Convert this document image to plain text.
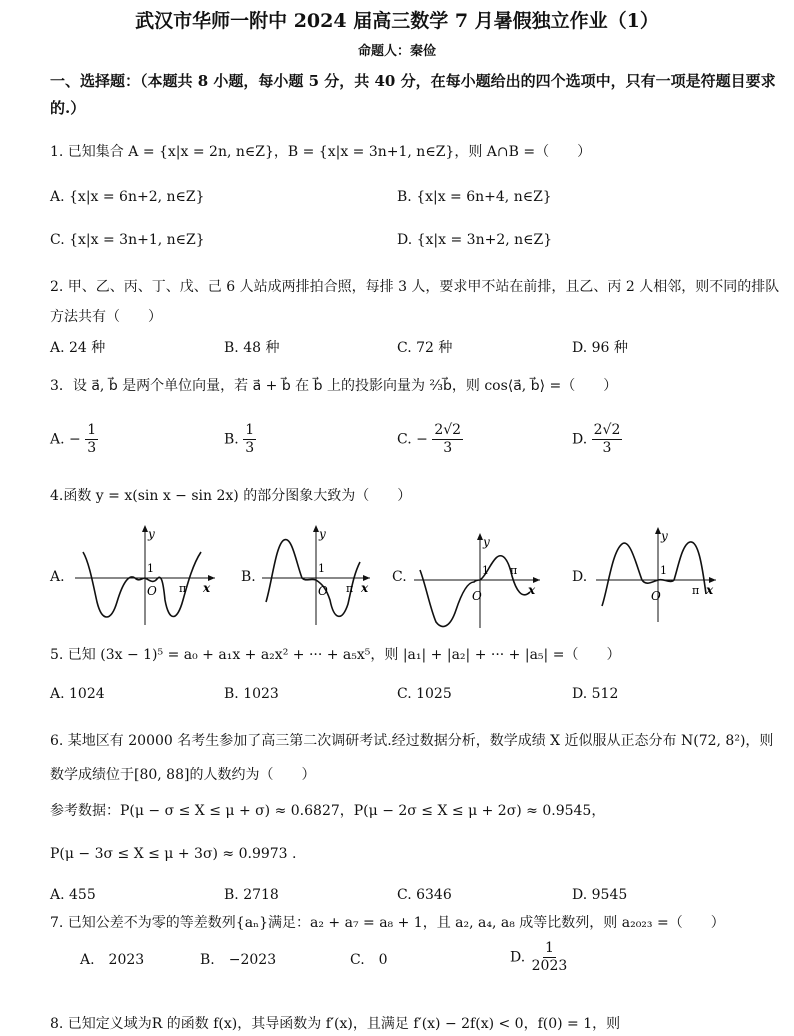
武汉市华师一附中 2024 届高三数学 7 月暑假独立作业（1）
命题人：秦俭
一、选择题：（本题共 8 小题，每小题 5 分，共 40 分，在每小题给出的四个选项中，只有一项是符题目要求的.）
1. 已知集合 A = {x|x = 2n, n∈Z}，B = {x|x = 3n+1, n∈Z}，则 A∩B =（　　）
A. {x|x = 6n+2, n∈Z}	B. {x|x = 6n+4, n∈Z}
C. {x|x = 3n+1, n∈Z}	D. {x|x = 3n+2, n∈Z}
2. 甲、乙、丙、丁、戊、己 6 人站成两排拍合照，每排 3 人，要求甲不站在前排，且乙、丙 2 人相邻，则不同的排队方法共有（　　）
A. 24 种	B. 48 种	C. 72 种	D. 96 种
3．设 a⃗, b⃗ 是两个单位向量，若 a⃗ + b⃗ 在 b⃗ 上的投影向量为 ⅔b⃗，则 cos⟨a⃗, b⃗⟩ =（　　）
A. − $\frac{1}{3}$	B. $\frac{1}{3}$	C. − $\frac{2√2}{3}$	D. $\frac{2√2}{3}$
4.函数 y = x(sin x − sin 2x) 的部分图象大致为（　　）
A.
y
1
O π x
B.
y
1
O π x
C.
y
1
O
π
x
D.
y
1
O	π x
5. 已知 (3x − 1)⁵ = a₀ + a₁x + a₂x² + ··· + a₅x⁵，则 |a₁| + |a₂| + ··· + |a₅| =（　　）
A. 1024	B. 1023	C. 1025	D. 512
6. 某地区有 20000 名考生参加了高三第二次调研考试.经过数据分析，数学成绩 X 近似服从正态分布 N(72, 8²)，则数学成绩位于[80, 88]的人数约为（　　）
参考数据：P(μ − σ ≤ X ≤ μ + σ) ≈ 0.6827，P(μ − 2σ ≤ X ≤ μ + 2σ) ≈ 0.9545，
P(μ − 3σ ≤ X ≤ μ + 3σ) ≈ 0.9973 .
A. 455	B. 2718	C. 6346	D. 9545
7. 已知公差不为零的等差数列{aₙ}满足：a₂ + a₇ = a₈ + 1，且 a₂, a₄, a₈ 成等比数列，则 a₂₀₂₃ =（　　）
A.　2023	B.　−2023	C.　0	D. $\frac{1}{2023}$
8. 已知定义域为R 的函数 f(x)，其导函数为 f′(x)，且满足 f′(x) − 2f(x) < 0，f(0) = 1，则
